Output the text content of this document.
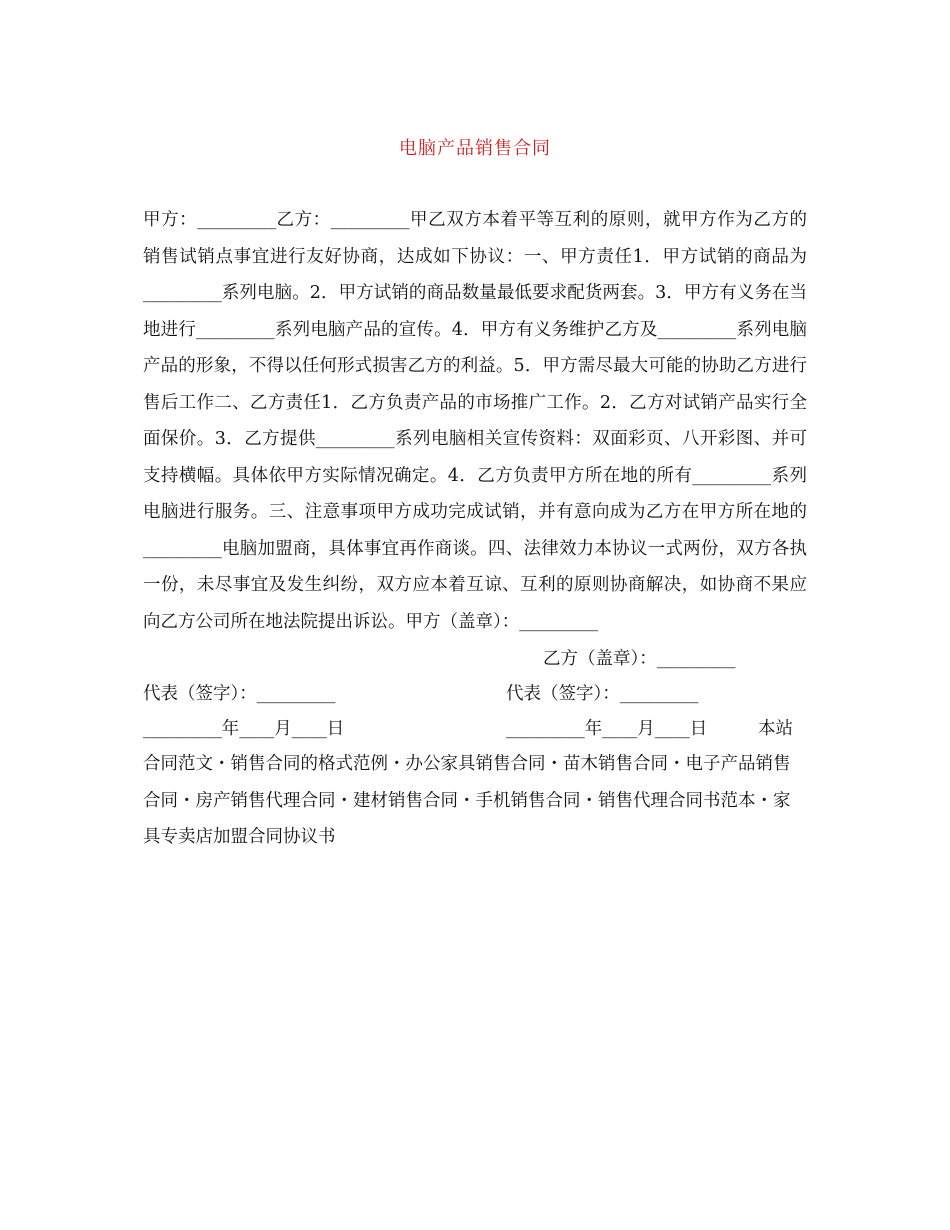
电脑产品销售合同
甲方：_________乙方：_________甲乙双方本着平等互利的原则，就甲方作为乙方的销售试销点事宜进行友好协商，达成如下协议：一、甲方责任1．甲方试销的商品为_________系列电脑。2．甲方试销的商品数量最低要求配货两套。3．甲方有义务在当地进行_________系列电脑产品的宣传。4．甲方有义务维护乙方及_________系列电脑产品的形象，不得以任何形式损害乙方的利益。5．甲方需尽最大可能的协助乙方进行售后工作二、乙方责任1．乙方负责产品的市场推广工作。2．乙方对试销产品实行全面保价。3．乙方提供_________系列电脑相关宣传资料：双面彩页、八开彩图、并可支持横幅。具体依甲方实际情况确定。4．乙方负责甲方所在地的所有_________系列电脑进行服务。三、注意事项甲方成功完成试销，并有意向成为乙方在甲方所在地的_________电脑加盟商，具体事宜再作商谈。四、法律效力本协议一式两份，双方各执一份，未尽事宜及发生纠纷，双方应本着互谅、互利的原则协商解决，如协商不果应向乙方公司所在地法院提出诉讼。甲方（盖章）：_________
乙方（盖章）：_________
代表（签字）：_________	代表（签字）：_________
_________年____月____日	_________年____月____日	本站
合同范文・销售合同的格式范例・办公家具销售合同・苗木销售合同・电子产品销售合同・房产销售代理合同・建材销售合同・手机销售合同・销售代理合同书范本・家具专卖店加盟合同协议书
